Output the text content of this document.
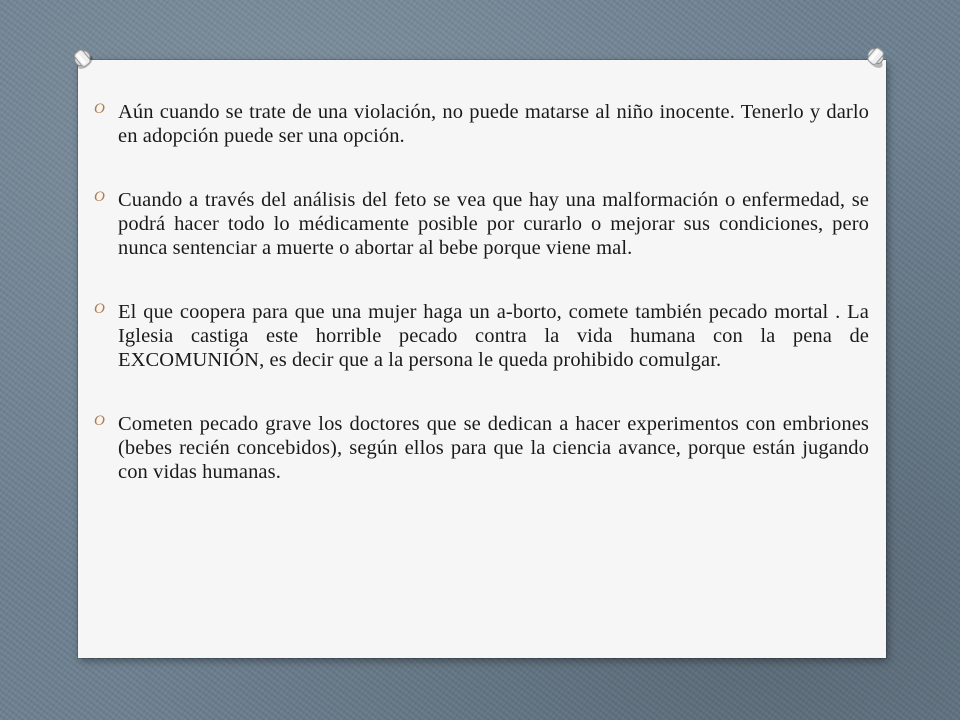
O Aún cuando se trate de una violación, no puede matarse al niño inocente. Tenerlo y darlo en adopción puede ser una opción.
O Cuando a través del análisis del feto se vea que hay una malformación o enfermedad, se podrá hacer todo lo médicamente posible por curarlo o mejorar sus condiciones, pero nunca sentenciar a muerte o abortar al bebe porque viene mal.
O El que coopera para que una mujer haga un a-borto, comete también pecado mortal . La Iglesia castiga este horrible pecado contra la vida humana con la pena de EXCOMUNIÓN, es decir que a la persona le queda prohibido comulgar.
O Cometen pecado grave los doctores que se dedican a hacer experimentos con embriones (bebes recién concebidos), según ellos para que la ciencia avance, porque están jugando con vidas humanas.
